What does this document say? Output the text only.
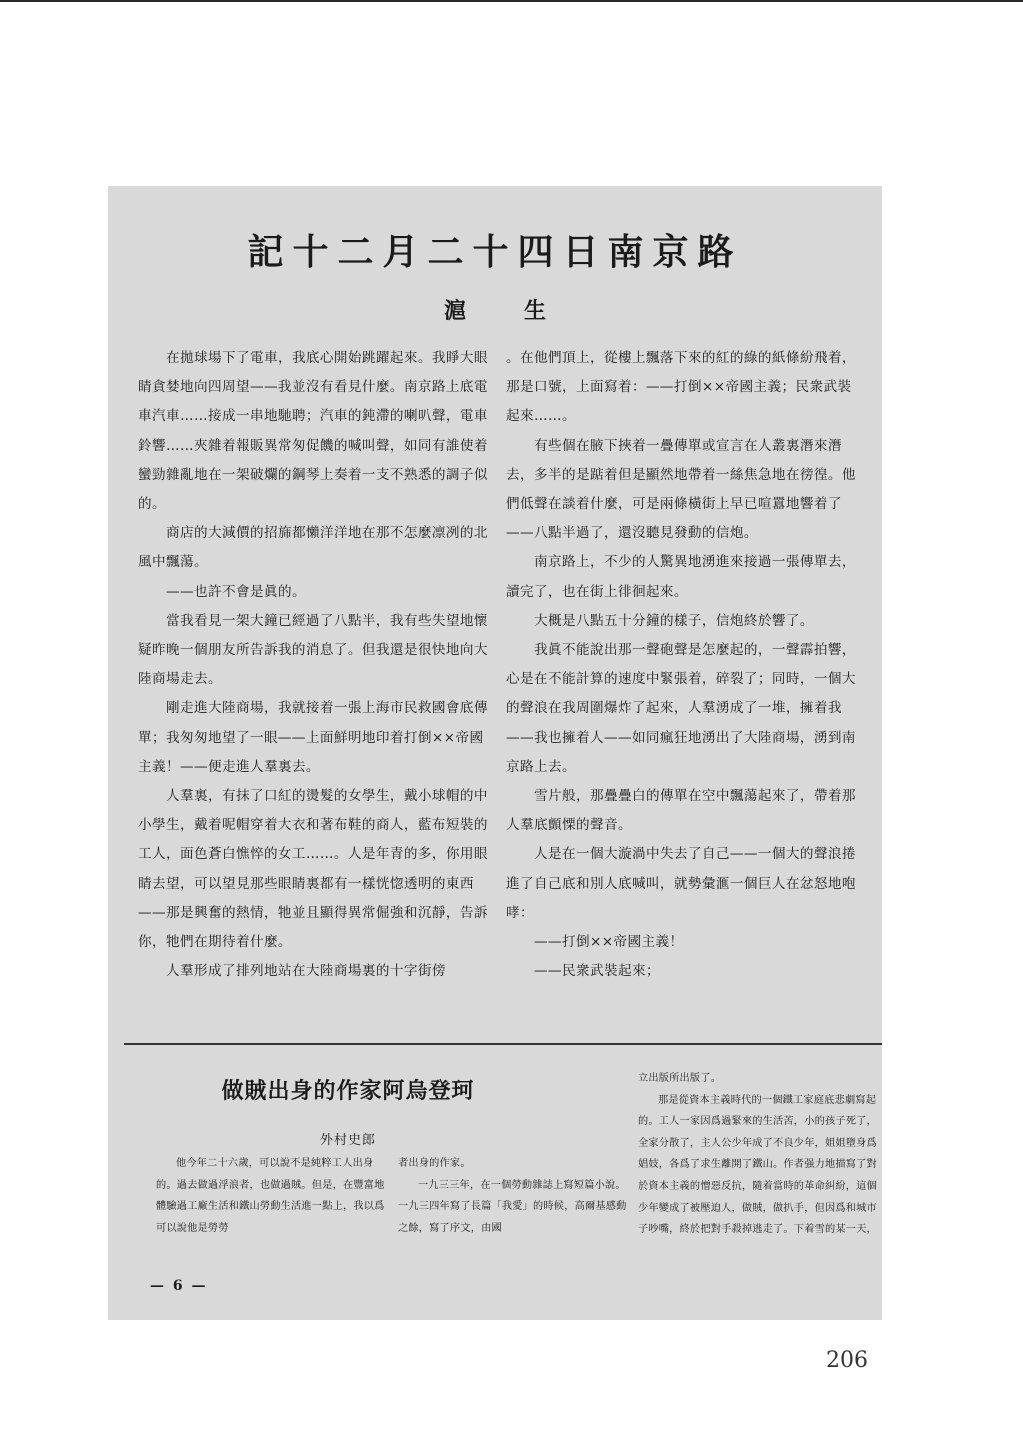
記十二月二十四日南京路
滬	生

在拋球場下了電車，我底心開始跳躍起來。我睜大眼睛貪婪地向四周望——我並沒有看見什麼。南京路上底電車汽車……接成一串地馳聘；汽車的鈍滯的喇叭聲，電車鈴響……夾雜着報販異常匆促饑的喊叫聲，如同有誰使着蠻勁雜亂地在一架破爛的鋼琴上奏着一支不熟悉的調子似的。

商店的大減價的招旆都懶洋洋地在那不怎麼凛冽的北風中飄蕩。

——也許不會是眞的。

當我看見一架大鐘已經過了八點半，我有些失望地懷疑昨晚一個朋友所告訴我的消息了。但我還是很快地向大陸商場走去。

剛走進大陸商場，我就接着一張上海市民救國會底傳單；我匆匆地望了一眼——上面鮮明地印着打倒××帝國主義！——便走進人羣裏去。

人羣裏，有抹了口紅的燙髮的女學生，戴小球帽的中小學生，戴着呢帽穿着大衣和著布鞋的商人，藍布短裝的工人，面色蒼白憔悴的女工……。人是年青的多，你用眼睛去望，可以望見那些眼睛裏都有一樣恍惚透明的東西——那是興奮的熱情，牠並且顯得異常倔強和沉靜，告訴你，牠們在期待着什麼。

人羣形成了排列地站在大陸商場裏的十字街傍

。在他們頂上，從樓上飄落下來的紅的綠的紙條紛飛着，那是口號，上面寫着：——打倒××帝國主義；民衆武裝起來……。

有些個在腋下挾着一疊傳單或宣言在人叢裏潛來潛去，多半的是踮着但是顯然地帶着一絲焦急地在徬徨。他們低聲在談着什麼，可是兩條橫街上早已喧囂地響着了——八點半過了，還沒聽見發動的信炮。

南京路上，不少的人驚異地湧進來接過一張傳單去，讀完了，也在街上徘徊起來。

大概是八點五十分鐘的樣子，信炮終於響了。

我眞不能說出那一聲砲聲是怎麼起的，一聲霹拍響，心是在不能計算的速度中緊張着，碎裂了；同時，一個大的聲浪在我周圍爆炸了起來，人羣湧成了一堆，擁着我——我也擁着人——如同瘋狂地湧出了大陸商場，湧到南京路上去。

雪片般，那疊疊白的傳單在空中飄蕩起來了，帶着那人羣底顫慄的聲音。

人是在一個大漩渦中失去了自己——一個大的聲浪捲進了自己底和別人底喊叫，就勢彙滙一個巨人在忿怒地咆哮：

——打倒××帝國主義！

——民衆武裝起來；

做賊出身的作家阿烏登珂
外村史郎

他今年二十六歲，可以說不是純粹工人出身的。過去做過浮浪者，也做過賊。但是，在豐富地體驗過工廠生活和鐵山勞動生活進一點上，我以爲可以說他是勞勞

者出身的作家。

一九三三年，在一個勞動雜誌上寫短篇小說。一九三四年寫了長篇「我愛」的時候，高爾基感動之餘，寫了序文，由國

立出版所出版了。

那是從資本主義時代的一個鐵工家庭底悲劇寫起的。工人一家因爲過緊來的生活苦，小的孩子死了，全家分散了，主人公少年成了不良少年，姐姐墮身爲娼妓，各爲了求生離開了鐵山。作者强力地描寫了對於資本主義的憎惡反抗，隨着當時的革命糾紛，這個少年變成了被壓迫人，做賊，做扒手，但因爲和城市子吵嘴，終於把對手殺掉逃走了。下着雪的某一天，

— 6 —
206
